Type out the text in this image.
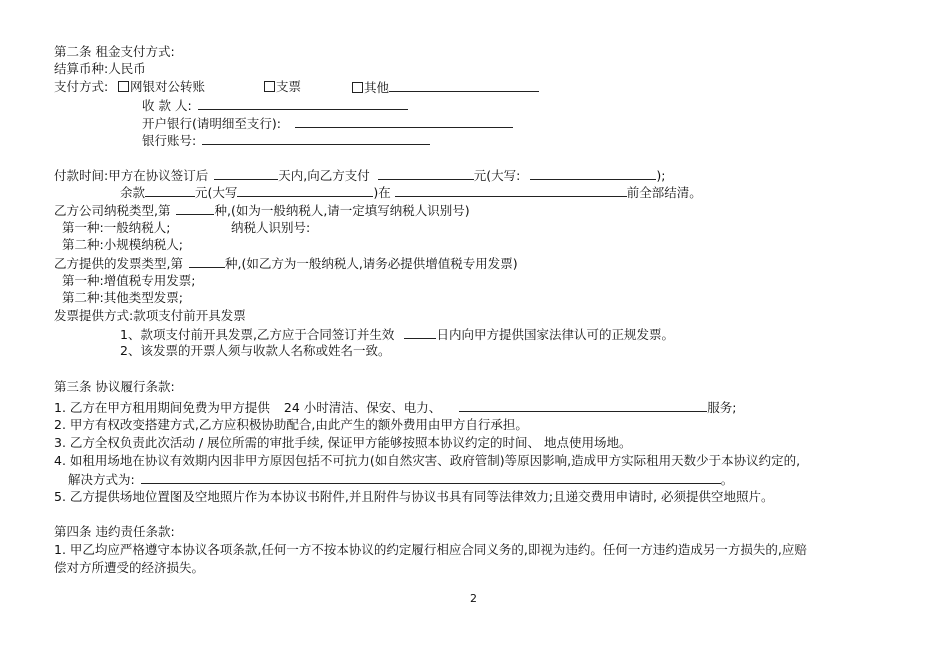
第二条 租金支付方式:
结算币种:人民币
支付方式:	网银对公转账	支票	其他
收 款 人:
开户银行(请明细至支行):
银行账号:
付款时间:甲方在协议签订后	天内,向乙方支付	元(大写:	);
余款	元(大写	)在	前全部结清。
乙方公司纳税类型,第	种,(如为一般纳税人,请一定填写纳税人识别号)
第一种:一般纳税人;	纳税人识别号:
第二种:小规模纳税人;
乙方提供的发票类型,第	种,(如乙方为一般纳税人,请务必提供增值税专用发票)
第一种:增值税专用发票;
第二种:其他类型发票;
发票提供方式:款项支付前开具发票
1、款项支付前开具发票,乙方应于合同签订并生效	日内向甲方提供国家法律认可的正规发票。
2、该发票的开票人须与收款人名称或姓名一致。
第三条 协议履行条款:
1. 乙方在甲方租用期间免费为甲方提供 24 小时清洁、保安、电力、	服务;
2. 甲方有权改变搭建方式,乙方应积极协助配合,由此产生的额外费用由甲方自行承担。
3. 乙方全权负责此次活动 / 展位所需的审批手续, 保证甲方能够按照本协议约定的时间、 地点使用场地。
4. 如租用场地在协议有效期内因非甲方原因包括不可抗力(如自然灾害、政府管制)等原因影响,造成甲方实际租用天数少于本协议约定的,
解决方式为:	。
5. 乙方提供场地位置图及空地照片作为本协议书附件,并且附件与协议书具有同等法律效力;且递交费用申请时, 必须提供空地照片。
第四条 违约责任条款:
1. 甲乙均应严格遵守本协议各项条款,任何一方不按本协议的约定履行相应合同义务的,即视为违约。任何一方违约造成另一方损失的,应赔
偿对方所遭受的经济损失。
2
